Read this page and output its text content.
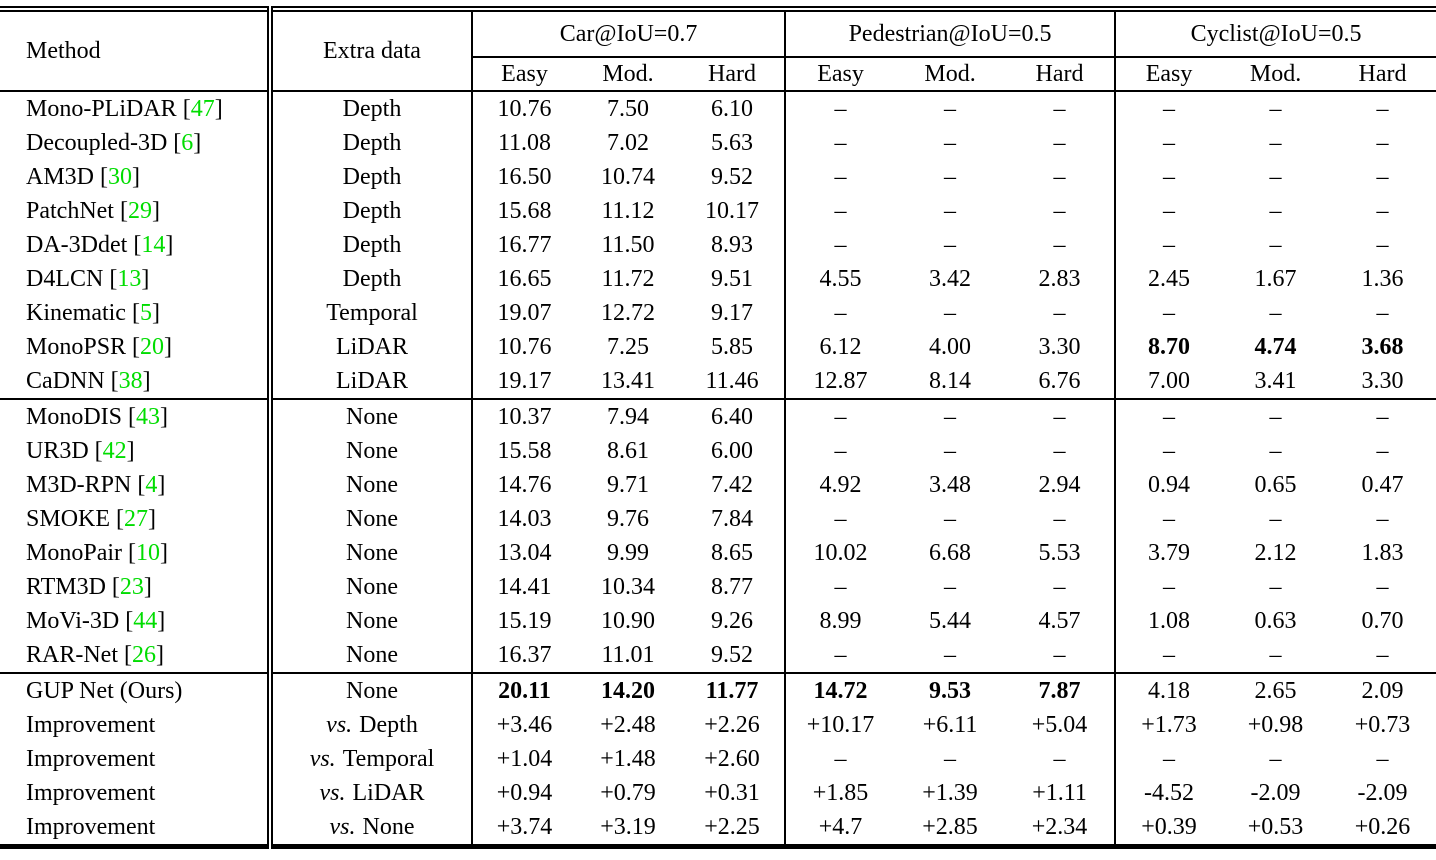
Method	Extra data	Car@IoU=0.7			Pedestrian@IoU=0.5			Cyclist@IoU=0.5		
		Easy	Mod.	Hard	Easy	Mod.	Hard	Easy	Mod.	Hard
Mono-PLiDAR [47]	Depth	10.76	7.50	6.10	–	–	–	–	–	–
Decoupled-3D [6]	Depth	11.08	7.02	5.63	–	–	–	–	–	–
AM3D [30]	Depth	16.50	10.74	9.52	–	–	–	–	–	–
PatchNet [29]	Depth	15.68	11.12	10.17	–	–	–	–	–	–
DA-3Ddet [14]	Depth	16.77	11.50	8.93	–	–	–	–	–	–
D4LCN [13]	Depth	16.65	11.72	9.51	4.55	3.42	2.83	2.45	1.67	1.36
Kinematic [5]	Temporal	19.07	12.72	9.17	–	–	–	–	–	–
MonoPSR [20]	LiDAR	10.76	7.25	5.85	6.12	4.00	3.30	8.70	4.74	3.68
CaDNN [38]	LiDAR	19.17	13.41	11.46	12.87	8.14	6.76	7.00	3.41	3.30
MonoDIS [43]	None	10.37	7.94	6.40	–	–	–	–	–	–
UR3D [42]	None	15.58	8.61	6.00	–	–	–	–	–	–
M3D-RPN [4]	None	14.76	9.71	7.42	4.92	3.48	2.94	0.94	0.65	0.47
SMOKE [27]	None	14.03	9.76	7.84	–	–	–	–	–	–
MonoPair [10]	None	13.04	9.99	8.65	10.02	6.68	5.53	3.79	2.12	1.83
RTM3D [23]	None	14.41	10.34	8.77	–	–	–	–	–	–
MoVi-3D [44]	None	15.19	10.90	9.26	8.99	5.44	4.57	1.08	0.63	0.70
RAR-Net [26]	None	16.37	11.01	9.52	–	–	–	–	–	–
GUP Net (Ours)	None	20.11	14.20	11.77	14.72	9.53	7.87	4.18	2.65	2.09
Improvement	vs. Depth	+3.46	+2.48	+2.26	+10.17	+6.11	+5.04	+1.73	+0.98	+0.73
Improvement	vs. Temporal	+1.04	+1.48	+2.60	–	–	–	–	–	–
Improvement	vs. LiDAR	+0.94	+0.79	+0.31	+1.85	+1.39	+1.11	-4.52	-2.09	-2.09
Improvement	vs. None	+3.74	+3.19	+2.25	+4.7	+2.85	+2.34	+0.39	+0.53	+0.26
